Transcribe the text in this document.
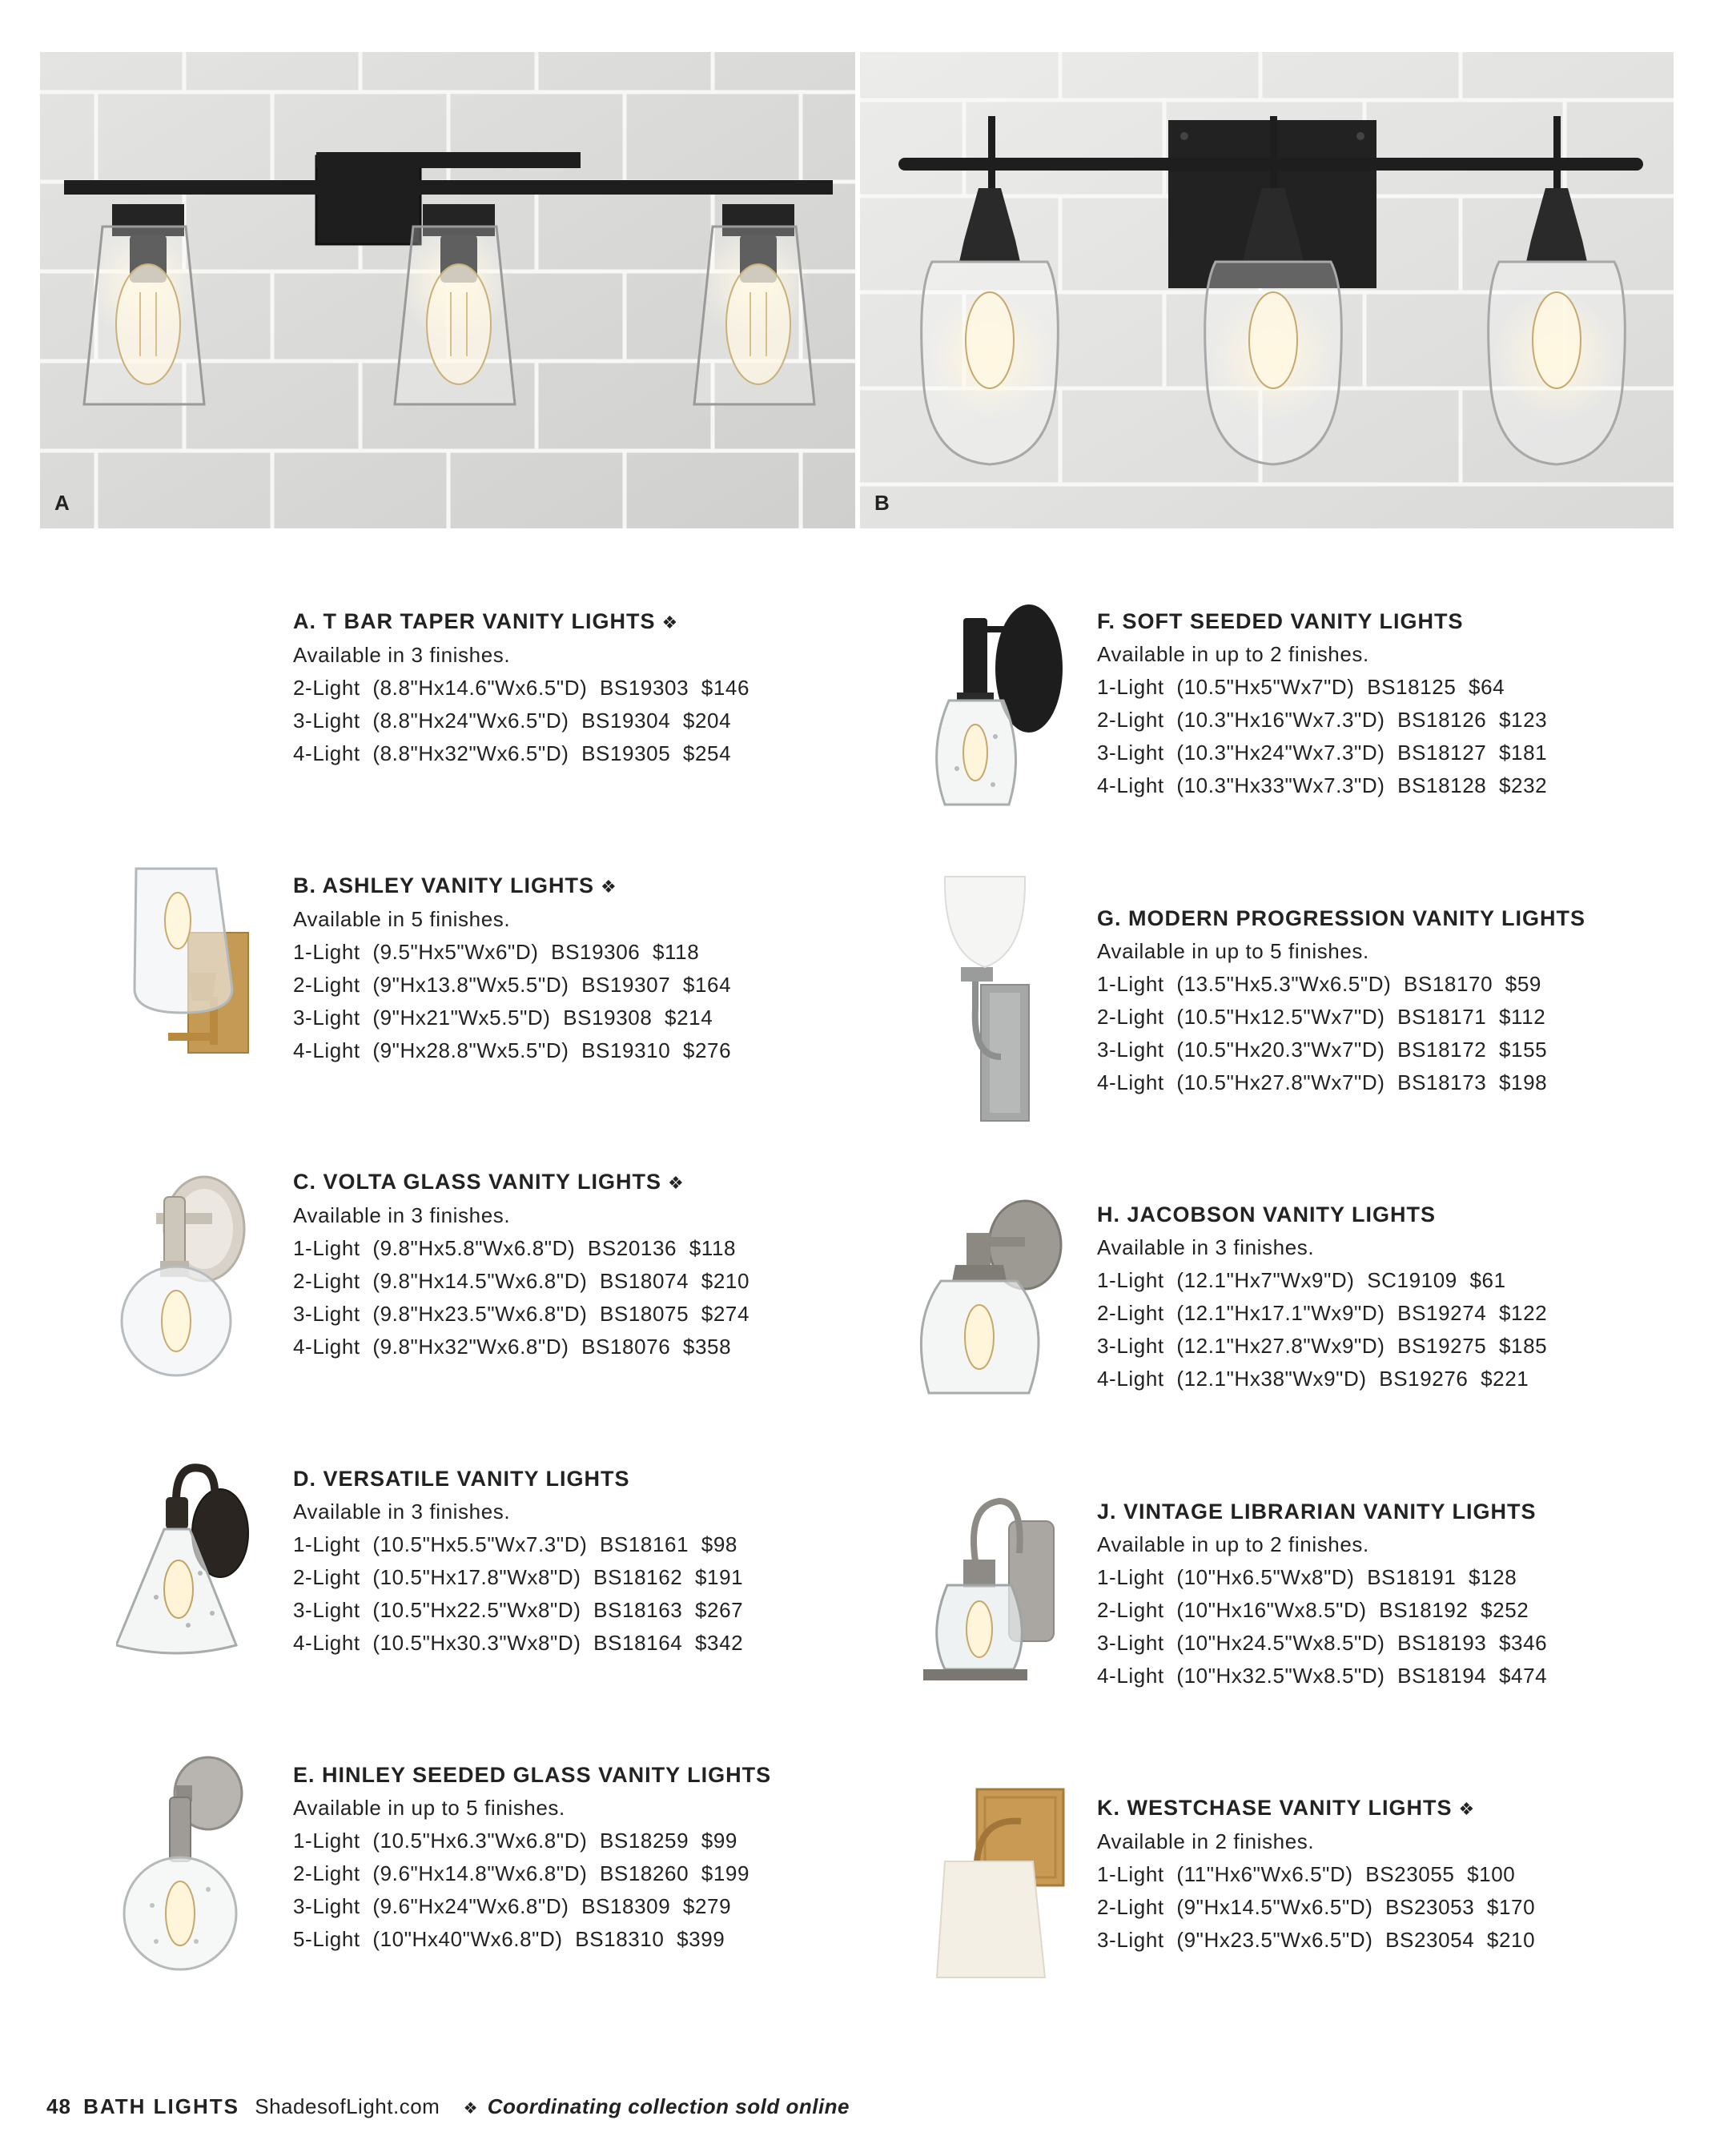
A	B
A. T BAR TAPER VANITY LIGHTS ❖
Available in 3 finishes.
2-Light  (8.8"Hx14.6"Wx6.5"D)  BS19303  $146
3-Light  (8.8"Hx24"Wx6.5"D)  BS19304  $204
4-Light  (8.8"Hx32"Wx6.5"D)  BS19305  $254
B. ASHLEY VANITY LIGHTS ❖
Available in 5 finishes.
1-Light  (9.5"Hx5"Wx6"D)  BS19306  $118
2-Light  (9"Hx13.8"Wx5.5"D)  BS19307  $164
3-Light  (9"Hx21"Wx5.5"D)  BS19308  $214
4-Light  (9"Hx28.8"Wx5.5"D)  BS19310  $276
C. VOLTA GLASS VANITY LIGHTS ❖
Available in 3 finishes.
1-Light  (9.8"Hx5.8"Wx6.8"D)  BS20136  $118
2-Light  (9.8"Hx14.5"Wx6.8"D)  BS18074  $210
3-Light  (9.8"Hx23.5"Wx6.8"D)  BS18075  $274
4-Light  (9.8"Hx32"Wx6.8"D)  BS18076  $358
D. VERSATILE VANITY LIGHTS
Available in 3 finishes.
1-Light  (10.5"Hx5.5"Wx7.3"D)  BS18161  $98
2-Light  (10.5"Hx17.8"Wx8"D)  BS18162  $191
3-Light  (10.5"Hx22.5"Wx8"D)  BS18163  $267
4-Light  (10.5"Hx30.3"Wx8"D)  BS18164  $342
E. HINLEY SEEDED GLASS VANITY LIGHTS
Available in up to 5 finishes.
1-Light  (10.5"Hx6.3"Wx6.8"D)  BS18259  $99
2-Light  (9.6"Hx14.8"Wx6.8"D)  BS18260  $199
3-Light  (9.6"Hx24"Wx6.8"D)  BS18309  $279
5-Light  (10"Hx40"Wx6.8"D)  BS18310  $399
F. SOFT SEEDED VANITY LIGHTS
Available in up to 2 finishes.
1-Light  (10.5"Hx5"Wx7"D)  BS18125  $64
2-Light  (10.3"Hx16"Wx7.3"D)  BS18126  $123
3-Light  (10.3"Hx24"Wx7.3"D)  BS18127  $181
4-Light  (10.3"Hx33"Wx7.3"D)  BS18128  $232
G. MODERN PROGRESSION VANITY LIGHTS
Available in up to 5 finishes.
1-Light  (13.5"Hx5.3"Wx6.5"D)  BS18170  $59
2-Light  (10.5"Hx12.5"Wx7"D)  BS18171  $112
3-Light  (10.5"Hx20.3"Wx7"D)  BS18172  $155
4-Light  (10.5"Hx27.8"Wx7"D)  BS18173  $198
H. JACOBSON VANITY LIGHTS
Available in 3 finishes.
1-Light  (12.1"Hx7"Wx9"D)  SC19109  $61
2-Light  (12.1"Hx17.1"Wx9"D)  BS19274  $122
3-Light  (12.1"Hx27.8"Wx9"D)  BS19275  $185
4-Light  (12.1"Hx38"Wx9"D)  BS19276  $221
J. VINTAGE LIBRARIAN VANITY LIGHTS
Available in up to 2 finishes.
1-Light  (10"Hx6.5"Wx8"D)  BS18191  $128
2-Light  (10"Hx16"Wx8.5"D)  BS18192  $252
3-Light  (10"Hx24.5"Wx8.5"D)  BS18193  $346
4-Light  (10"Hx32.5"Wx8.5"D)  BS18194  $474
K. WESTCHASE VANITY LIGHTS ❖
Available in 2 finishes.
1-Light  (11"Hx6"Wx6.5"D)  BS23055  $100
2-Light  (9"Hx14.5"Wx6.5"D)  BS23053  $170
3-Light  (9"Hx23.5"Wx6.5"D)  BS23054  $210
48 BATH LIGHTS ShadesofLight.com ❖ Coordinating collection sold online
